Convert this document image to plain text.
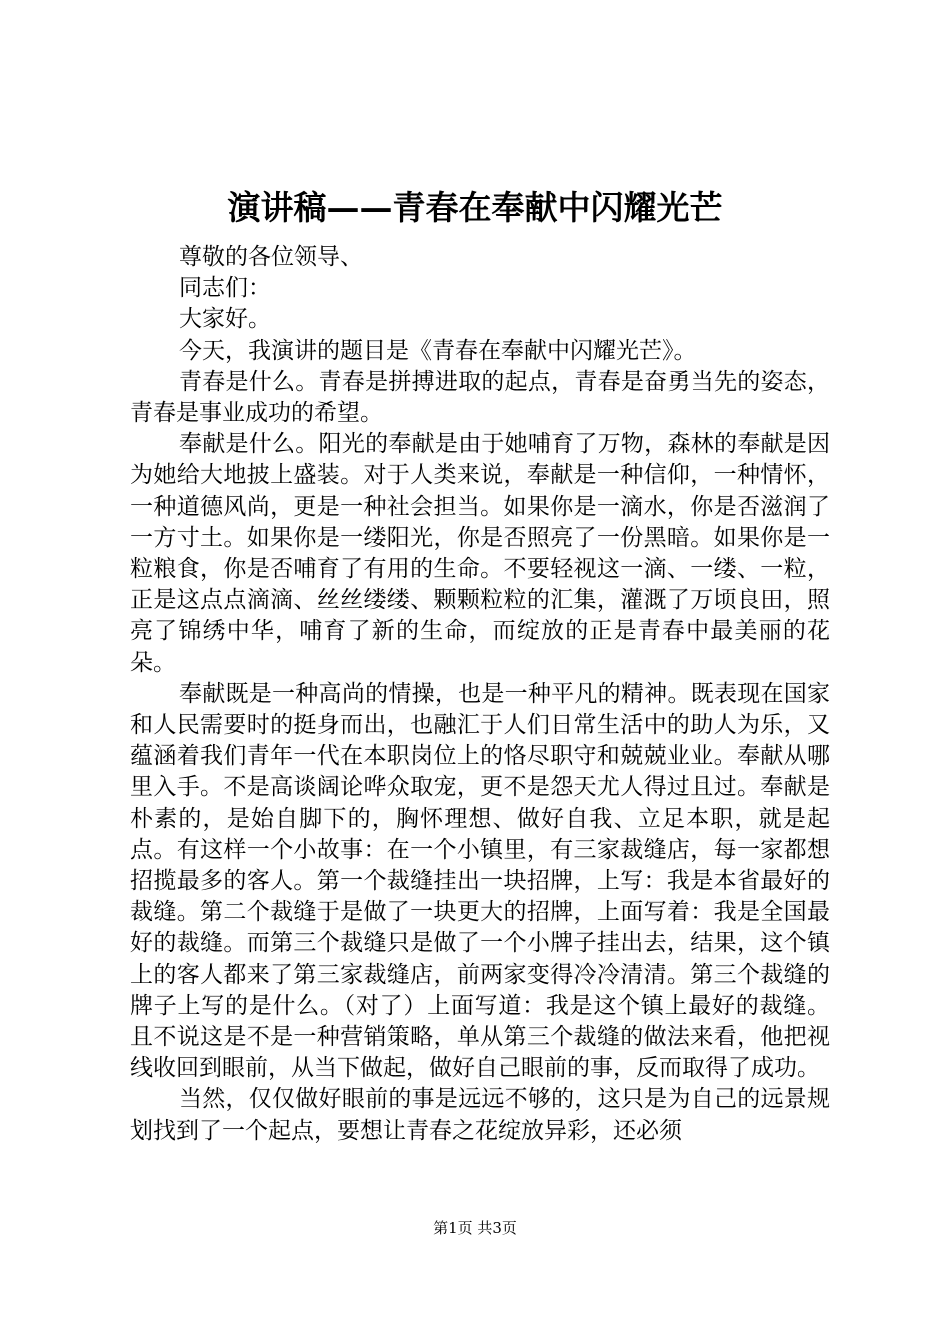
演讲稿——青春在奉献中闪耀光芒

尊敬的各位领导、

同志们：

大家好。

今天，我演讲的题目是《青春在奉献中闪耀光芒》。

青春是什么。青春是拼搏进取的起点，青春是奋勇当先的姿态，青春是事业成功的希望。

奉献是什么。阳光的奉献是由于她哺育了万物，森林的奉献是因为她给大地披上盛装。对于人类来说，奉献是一种信仰，一种情怀，一种道德风尚，更是一种社会担当。如果你是一滴水，你是否滋润了一方寸土。如果你是一缕阳光，你是否照亮了一份黑暗。如果你是一粒粮食，你是否哺育了有用的生命。不要轻视这一滴、一缕、一粒，正是这点点滴滴、丝丝缕缕、颗颗粒粒的汇集，灌溉了万顷良田，照亮了锦绣中华，哺育了新的生命，而绽放的正是青春中最美丽的花朵。

奉献既是一种高尚的情操，也是一种平凡的精神。既表现在国家和人民需要时的挺身而出，也融汇于人们日常生活中的助人为乐，又蕴涵着我们青年一代在本职岗位上的恪尽职守和兢兢业业。奉献从哪里入手。不是高谈阔论哗众取宠，更不是怨天尤人得过且过。奉献是朴素的，是始自脚下的，胸怀理想、做好自我、立足本职，就是起点。有这样一个小故事：在一个小镇里，有三家裁缝店，每一家都想招揽最多的客人。第一个裁缝挂出一块招牌，上写：我是本省最好的裁缝。第二个裁缝于是做了一块更大的招牌，上面写着：我是全国最好的裁缝。而第三个裁缝只是做了一个小牌子挂出去，结果，这个镇上的客人都来了第三家裁缝店，前两家变得冷冷清清。第三个裁缝的牌子上写的是什么。（对了）上面写道：我是这个镇上最好的裁缝。且不说这是不是一种营销策略，单从第三个裁缝的做法来看，他把视线收回到眼前，从当下做起，做好自己眼前的事，反而取得了成功。

当然，仅仅做好眼前的事是远远不够的，这只是为自己的远景规划找到了一个起点，要想让青春之花绽放异彩，还必须

第1页 共3页
